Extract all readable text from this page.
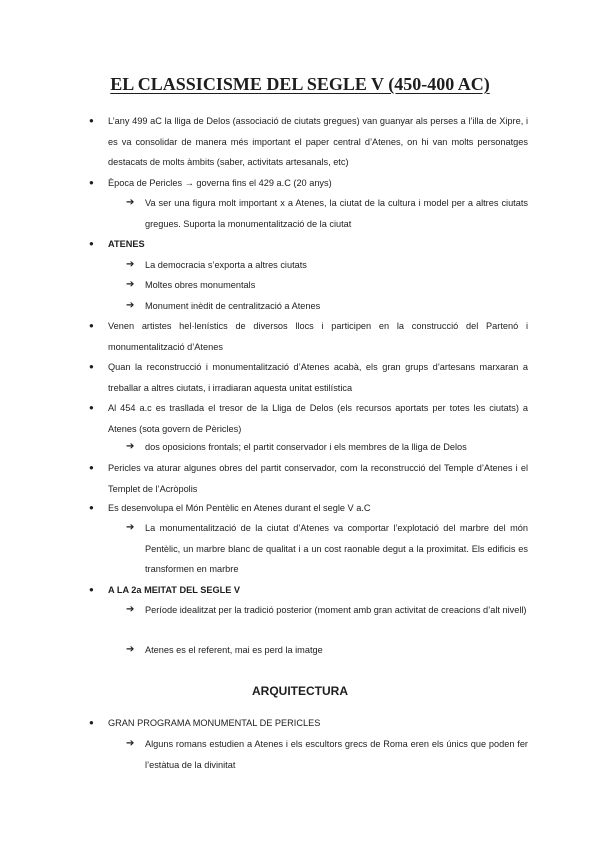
EL CLASSICISME DEL SEGLE V (450-400 AC)
● L’any 499 aC la lliga de Delos (associació de ciutats gregues) van guanyar als perses a l’illa de Xipre, i es va consolidar de manera més important el paper central d’Atenes, on hi van molts personatges destacats de molts àmbits (saber, activitats artesanals, etc)
● Època de Pericles → governa fins el 429 a.C (20 anys)
➔ Va ser una figura molt important x a Atenes, la ciutat de la cultura i model per a altres ciutats gregues. Suporta la monumentalització de la ciutat
● ATENES
➔ La democracia s’exporta a altres ciutats
➔ Moltes obres monumentals
➔ Monument inèdit de centralització a Atenes
● Venen artistes hel·lenístics de diversos llocs i participen en la construcció del Partenó i monumentalització d’Atenes
● Quan la reconstrucció i monumentalització d’Atenes acabà, els gran grups d’artesans marxaran a treballar a altres ciutats, i irradiaran aquesta unitat estilística
● Al 454 a.c es trasllada el tresor de la Lliga de Delos (els recursos aportats per totes les ciutats) a Atenes (sota govern de Pèricles)
➔ dos oposicions frontals; el partit conservador i els membres de la lliga de Delos
● Pericles va aturar algunes obres del partit conservador, com la reconstrucció del Temple d’Atenes i el Templet de l’Acròpolis
● Es desenvolupa el Món Pentèlic en Atenes durant el segle V a.C
➔ La monumentalització de la ciutat d’Atenes va comportar l’explotació del marbre del món Pentèlic, un marbre blanc de qualitat i a un cost raonable degut a la proximitat. Els edificis es transformen en marbre
● A LA 2a MEITAT DEL SEGLE V
➔ Període idealitzat per la tradició posterior (moment amb gran activitat de creacions d’alt nivell)
➔ Atenes es el referent, mai es perd la imatge
ARQUITECTURA
● GRAN PROGRAMA MONUMENTAL DE PERICLES
➔ Alguns romans estudien a Atenes i els escultors grecs de Roma eren els únics que poden fer l’estàtua de la divinitat
